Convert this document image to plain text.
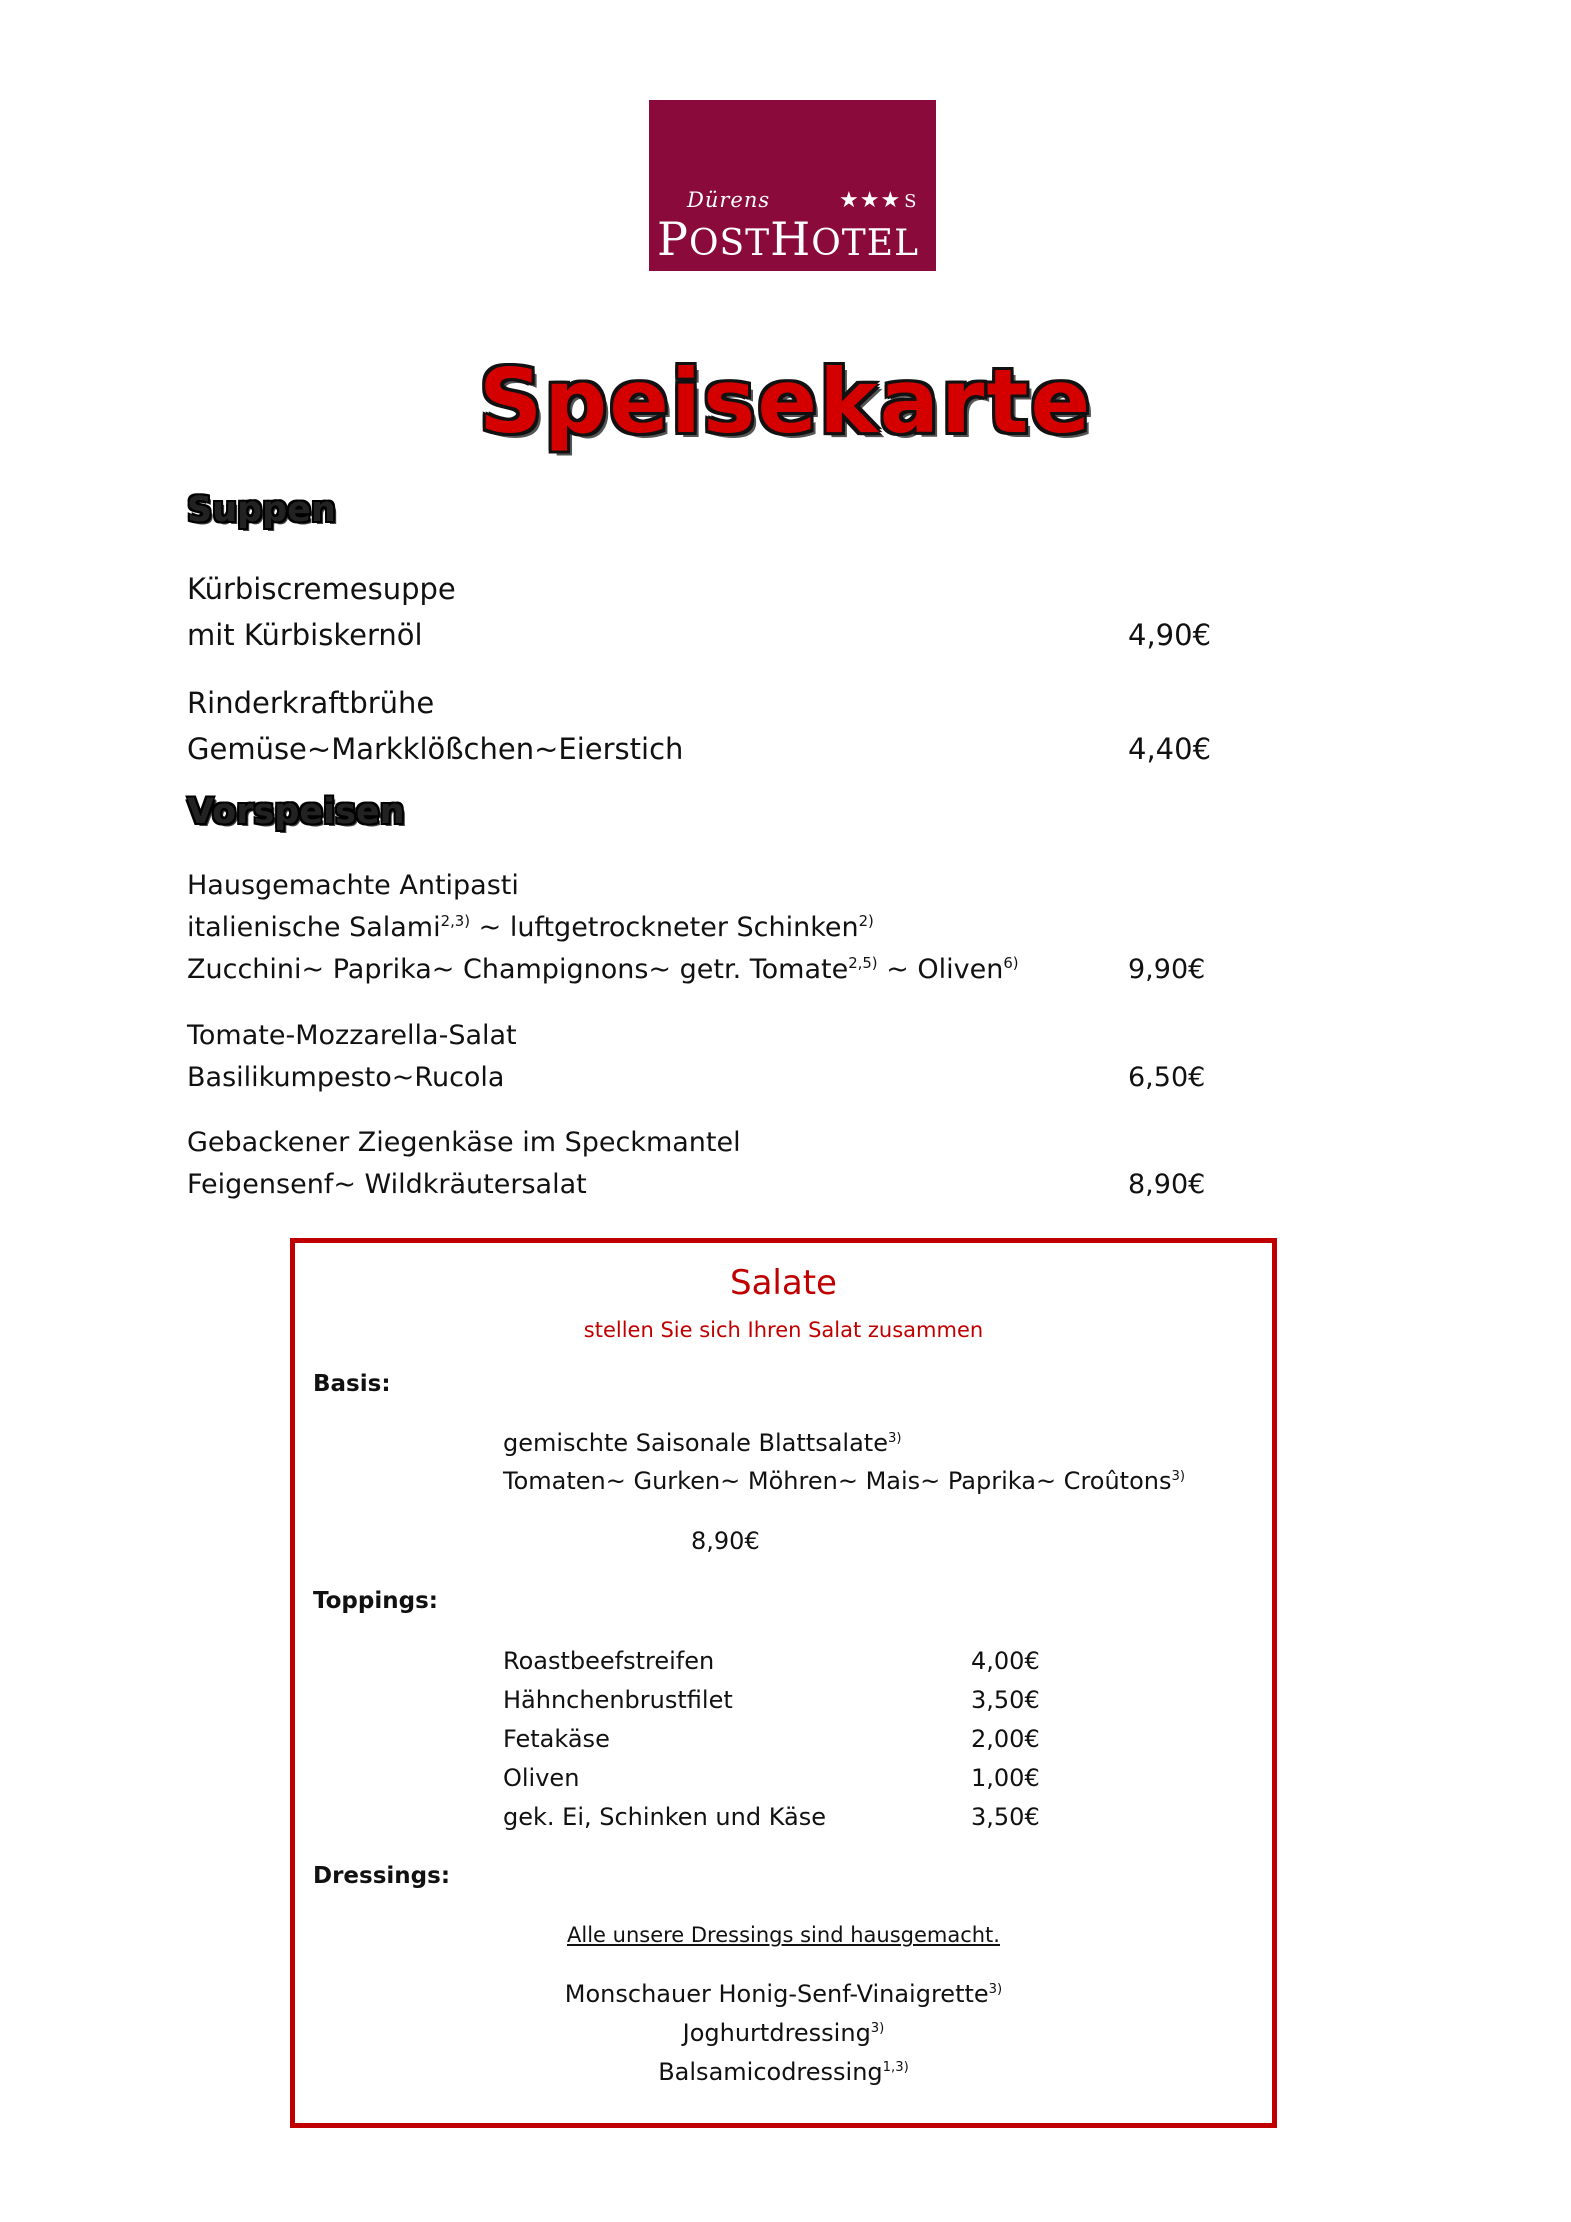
Dürens	★★★ S
POSTHOTEL
Speisekarte
Suppen
Kürbiscremesuppe
mit Kürbiskernöl	4,90€
Rinderkraftbrühe
Gemüse~Markklößchen~Eierstich	4,40€
Vorspeisen
Hausgemachte Antipasti
italienische Salami$^{2,3)}$ ~ luftgetrockneter Schinken$^{2)}$
Zucchini~ Paprika~ Champignons~ getr. Tomate$^{2,5)}$ ~ Oliven$^{6)}$	9,90€
Tomate-Mozzarella-Salat
Basilikumpesto~Rucola	6,50€
Gebackener Ziegenkäse im Speckmantel
Feigensenf~ Wildkräutersalat	8,90€
Salate
stellen Sie sich Ihren Salat zusammen
Basis:
gemischte Saisonale Blattsalate$^{3)}$
Tomaten~ Gurken~ Möhren~ Mais~ Paprika~ Croûtons$^{3)}$
8,90€
Toppings:
Roastbeefstreifen	4,00€
Hähnchenbrustfilet	3,50€
Fetakäse	2,00€
Oliven	1,00€
gek. Ei, Schinken und Käse	3,50€
Dressings:
Alle unsere Dressings sind hausgemacht.
Monschauer Honig-Senf-Vinaigrette$^{3)}$
Joghurtdressing$^{3)}$
Balsamicodressing$^{1,3)}$
